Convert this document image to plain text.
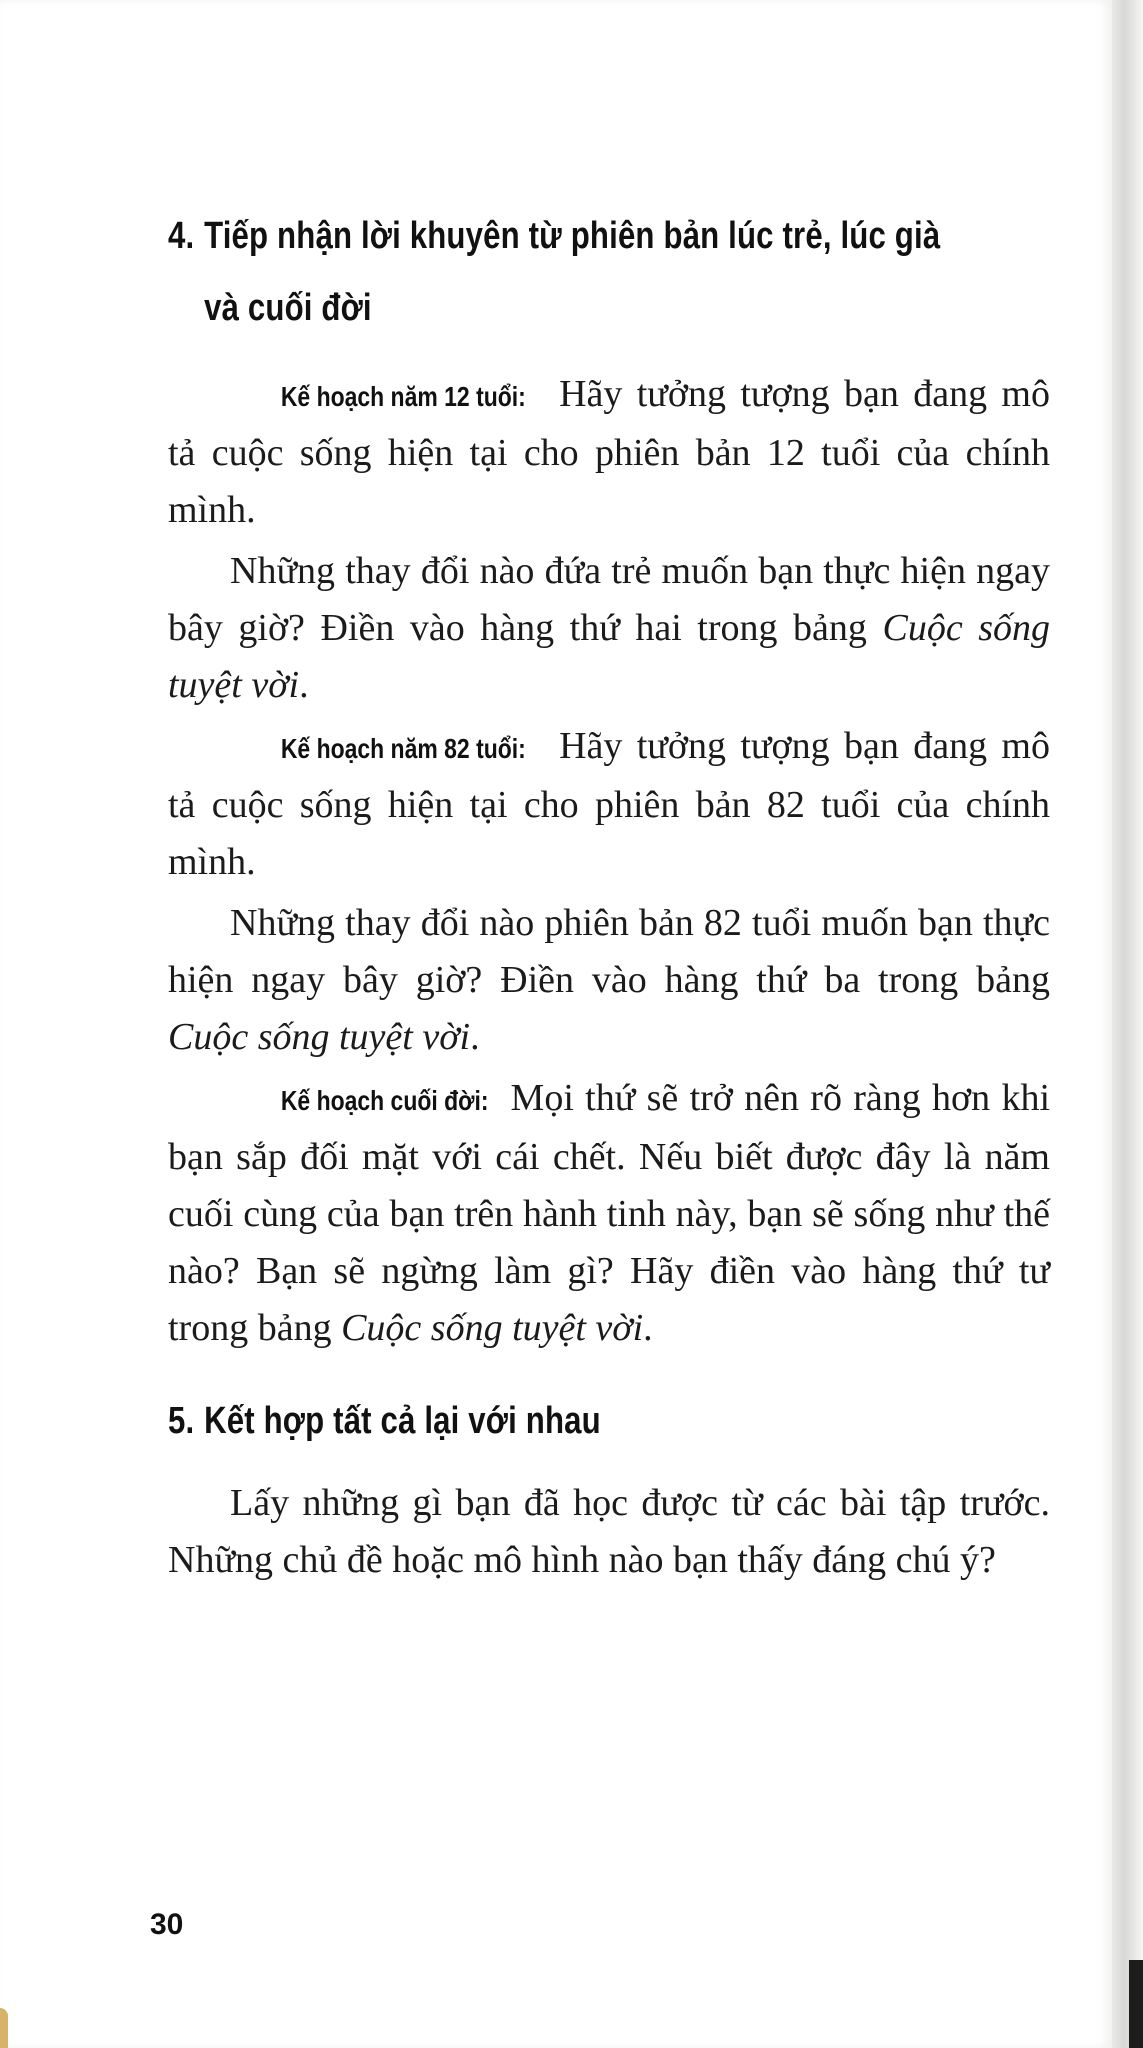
4. Tiếp nhận lời khuyên từ phiên bản lúc trẻ, lúc già
và cuối đời

Kế hoạch năm 12 tuổi: Hãy tưởng tượng bạn đang mô tả cuộc sống hiện tại cho phiên bản 12 tuổi của chính mình.

Những thay đổi nào đứa trẻ muốn bạn thực hiện ngay bây giờ? Điền vào hàng thứ hai trong bảng Cuộc sống tuyệt vời.

Kế hoạch năm 82 tuổi: Hãy tưởng tượng bạn đang mô tả cuộc sống hiện tại cho phiên bản 82 tuổi của chính mình.

Những thay đổi nào phiên bản 82 tuổi muốn bạn thực hiện ngay bây giờ? Điền vào hàng thứ ba trong bảng Cuộc sống tuyệt vời.

Kế hoạch cuối đời: Mọi thứ sẽ trở nên rõ ràng hơn khi bạn sắp đối mặt với cái chết. Nếu biết được đây là năm cuối cùng của bạn trên hành tinh này, bạn sẽ sống như thế nào? Bạn sẽ ngừng làm gì? Hãy điền vào hàng thứ tư trong bảng Cuộc sống tuyệt vời.

5. Kết hợp tất cả lại với nhau

Lấy những gì bạn đã học được từ các bài tập trước. Những chủ đề hoặc mô hình nào bạn thấy đáng chú ý?

30
